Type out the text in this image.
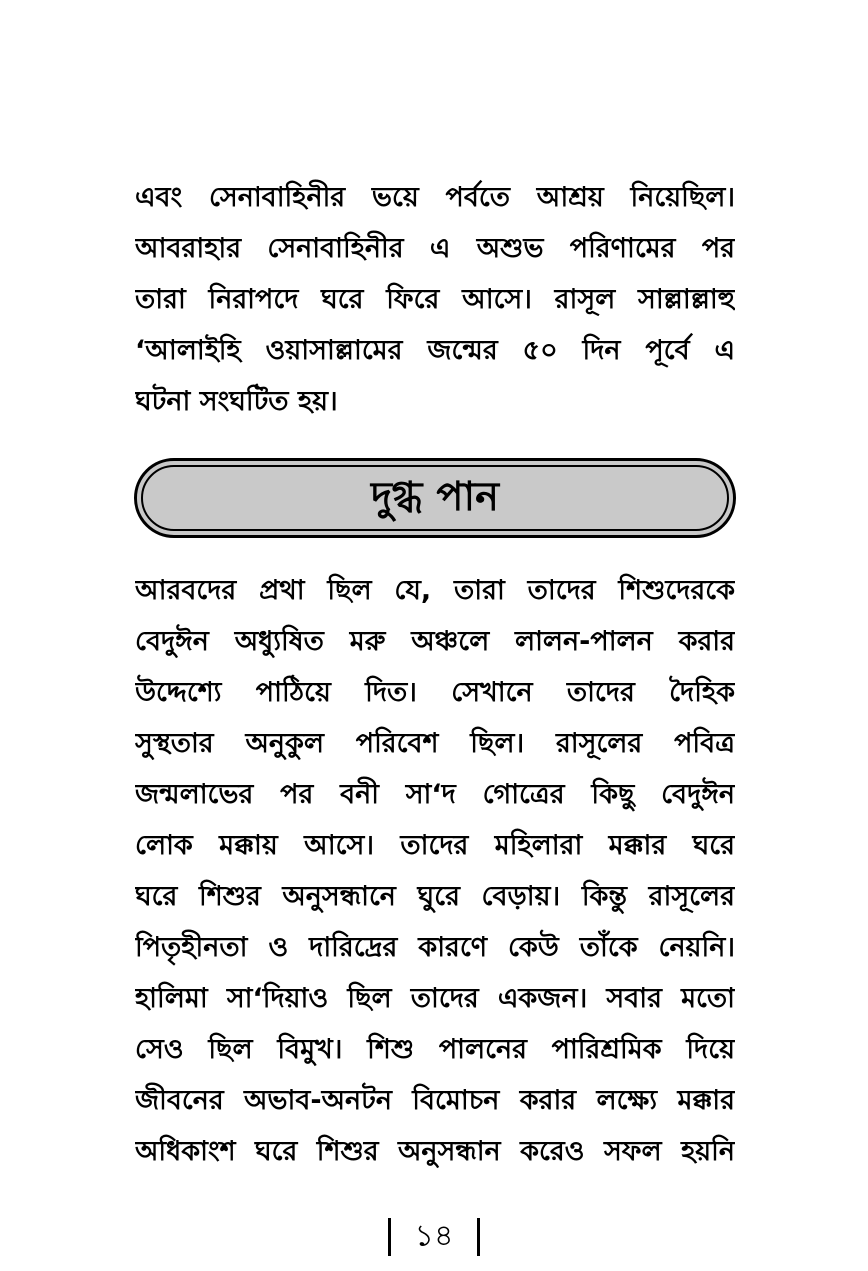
এবং সেনাবাহিনীর ভয়ে পর্বতে আশ্রয় নিয়েছিল।
আবরাহার সেনাবাহিনীর এ অশুভ পরিণামের পর
তারা নিরাপদে ঘরে ফিরে আসে। রাসূল সাল্লাল্লাহু
‘আলাইহি ওয়াসাল্লামের জন্মের ৫০ দিন পূর্বে এ
ঘটনা সংঘটিত হয়।
দুগ্ধ পান
আরবদের প্রথা ছিল যে, তারা তাদের শিশুদেরকে
বেদুঈন অধ্যুষিত মরু অঞ্চলে লালন-পালন করার
উদ্দেশ্যে পাঠিয়ে দিত। সেখানে তাদের দৈহিক
সুস্থতার অনুকুল পরিবেশ ছিল। রাসূলের পবিত্র
জন্মলাভের পর বনী সা‘দ গোত্রের কিছু বেদুঈন
লোক মক্কায় আসে। তাদের মহিলারা মক্কার ঘরে
ঘরে শিশুর অনুসন্ধানে ঘুরে বেড়ায়। কিন্তু রাসূলের
পিতৃহীনতা ও দারিদ্রের কারণে কেউ তাঁকে নেয়নি।
হালিমা সা‘দিয়াও ছিল তাদের একজন। সবার মতো
সেও ছিল বিমুখ। শিশু পালনের পারিশ্রমিক দিয়ে
জীবনের অভাব-অনটন বিমোচন করার লক্ষ্যে মক্কার
অধিকাংশ ঘরে শিশুর অনুসন্ধান করেও সফল হয়নি
১৪
